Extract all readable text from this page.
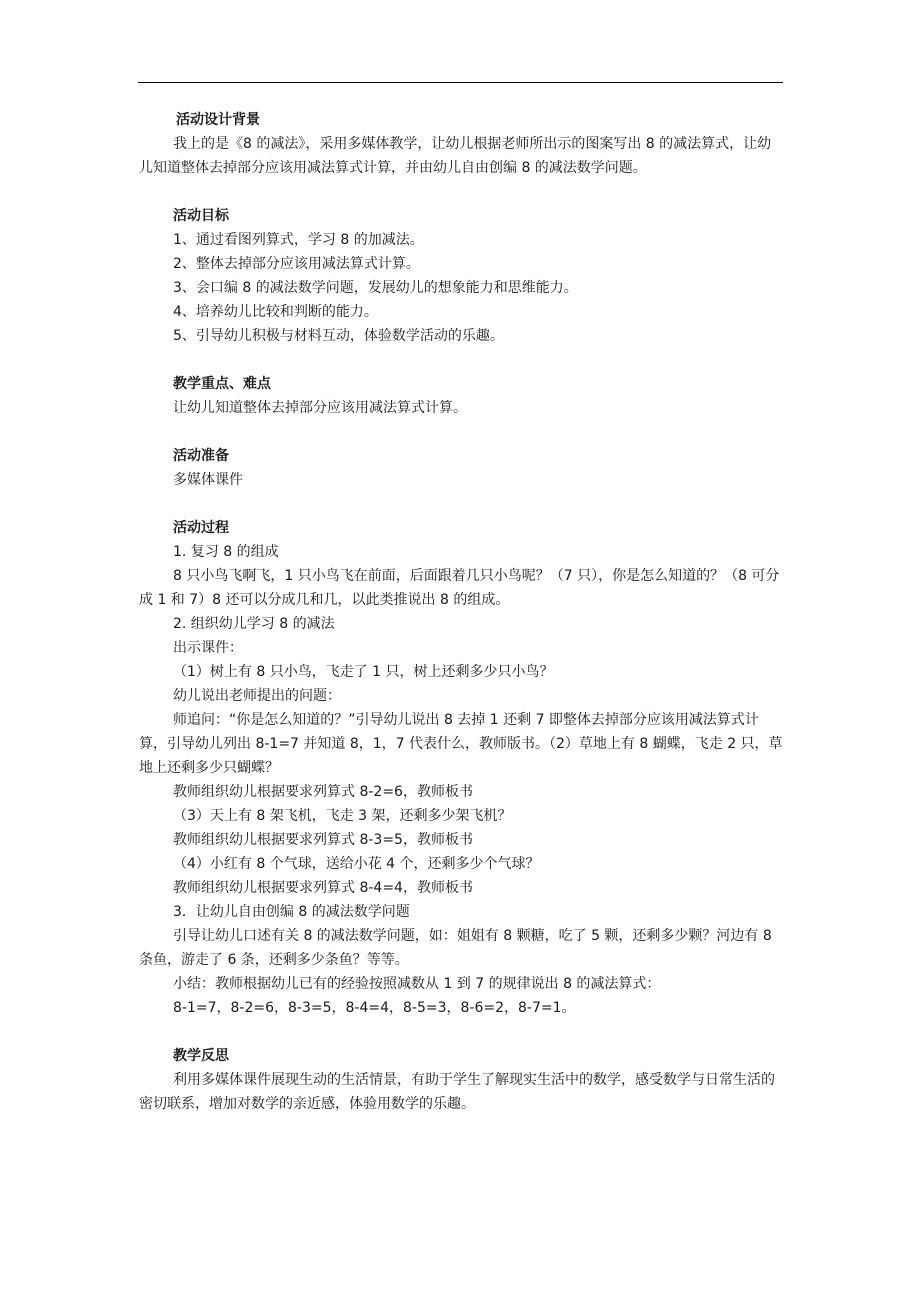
活动设计背景

我上的是《8 的减法》，采用多媒体教学，让幼儿根据老师所出示的图案写出 8 的减法算式，让幼儿知道整体去掉部分应该用减法算式计算，并由幼儿自由创编 8 的减法数学问题。

活动目标

1、通过看图列算式，学习 8 的加减法。

2、整体去掉部分应该用减法算式计算。

3、会口编 8 的减法数学问题，发展幼儿的想象能力和思维能力。

4、培养幼儿比较和判断的能力。

5、引导幼儿积极与材料互动，体验数学活动的乐趣。

教学重点、难点

让幼儿知道整体去掉部分应该用减法算式计算。

活动准备

多媒体课件

活动过程

1. 复习 8 的组成

8 只小鸟飞啊飞，1 只小鸟飞在前面，后面跟着几只小鸟呢？（7 只），你是怎么知道的？（8 可分成 1 和 7）8 还可以分成几和几，以此类推说出 8 的组成。

2. 组织幼儿学习 8 的减法

出示课件：

（1）树上有 8 只小鸟，飞走了 1 只，树上还剩多少只小鸟？

幼儿说出老师提出的问题：

师追问：“你是怎么知道的？”引导幼儿说出 8 去掉 1 还剩 7 即整体去掉部分应该用减法算式计算，引导幼儿列出 8-1=7 并知道 8，1，7 代表什么，教师版书。（2）草地上有 8 蝴蝶，飞走 2 只，草地上还剩多少只蝴蝶？

教师组织幼儿根据要求列算式 8-2=6，教师板书

（3）天上有 8 架飞机，飞走 3 架，还剩多少架飞机？

教师组织幼儿根据要求列算式 8-3=5，教师板书

（4）小红有 8 个气球，送给小花 4 个，还剩多少个气球？

教师组织幼儿根据要求列算式 8-4=4，教师板书

3．让幼儿自由创编 8 的减法数学问题

引导让幼儿口述有关 8 的减法数学问题，如：姐姐有 8 颗糖，吃了 5 颗，还剩多少颗？河边有 8 条鱼，游走了 6 条，还剩多少条鱼？等等。

小结：教师根据幼儿已有的经验按照减数从 1 到 7 的规律说出 8 的减法算式：

8-1=7，8-2=6，8-3=5，8-4=4，8-5=3，8-6=2，8-7=1。

教学反思

利用多媒体课件展现生动的生活情景，有助于学生了解现实生活中的数学，感受数学与日常生活的密切联系，增加对数学的亲近感，体验用数学的乐趣。
